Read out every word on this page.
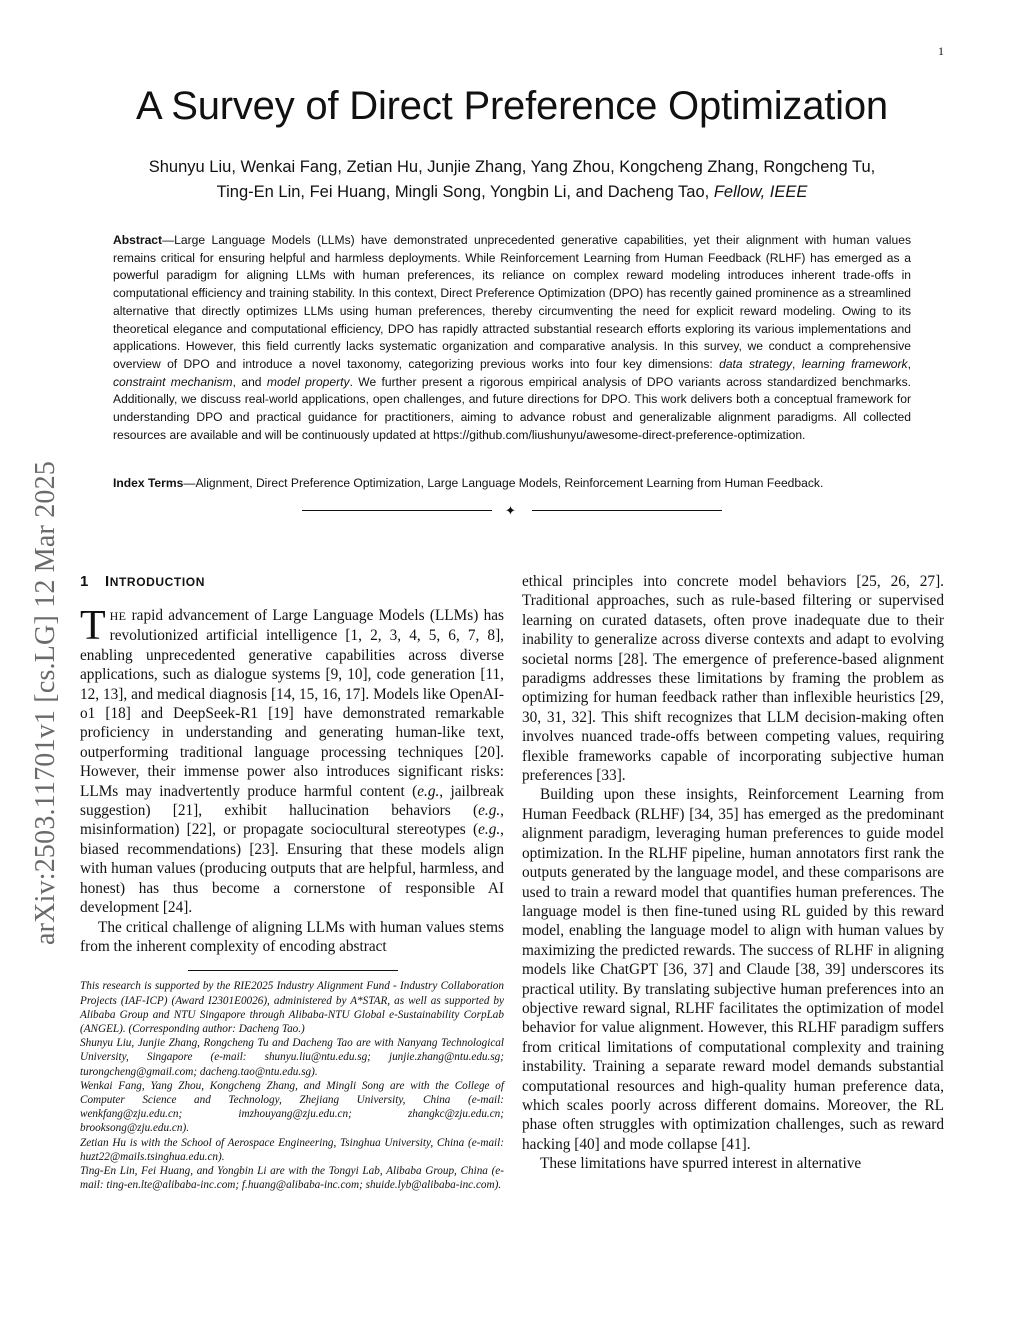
1
arXiv:2503.11701v1 [cs.LG] 12 Mar 2025
A Survey of Direct Preference Optimization
Shunyu Liu, Wenkai Fang, Zetian Hu, Junjie Zhang, Yang Zhou, Kongcheng Zhang, Rongcheng Tu,
Ting-En Lin, Fei Huang, Mingli Song, Yongbin Li, and Dacheng Tao, Fellow, IEEE
Abstract—Large Language Models (LLMs) have demonstrated unprecedented generative capabilities, yet their alignment with human values remains critical for ensuring helpful and harmless deployments. While Reinforcement Learning from Human Feedback (RLHF) has emerged as a powerful paradigm for aligning LLMs with human preferences, its reliance on complex reward modeling introduces inherent trade-offs in computational efficiency and training stability. In this context, Direct Preference Optimization (DPO) has recently gained prominence as a streamlined alternative that directly optimizes LLMs using human preferences, thereby circumventing the need for explicit reward modeling. Owing to its theoretical elegance and computational efficiency, DPO has rapidly attracted substantial research efforts exploring its various implementations and applications. However, this field currently lacks systematic organization and comparative analysis. In this survey, we conduct a comprehensive overview of DPO and introduce a novel taxonomy, categorizing previous works into four key dimensions: data strategy, learning framework, constraint mechanism, and model property. We further present a rigorous empirical analysis of DPO variants across standardized benchmarks. Additionally, we discuss real-world applications, open challenges, and future directions for DPO. This work delivers both a conceptual framework for understanding DPO and practical guidance for practitioners, aiming to advance robust and generalizable alignment paradigms. All collected resources are available and will be continuously updated at https://github.com/liushunyu/awesome-direct-preference-optimization.
Index Terms—Alignment, Direct Preference Optimization, Large Language Models, Reinforcement Learning from Human Feedback.
✦
1 INTRODUCTION

THE rapid advancement of Large Language Models (LLMs) has revolutionized artificial intelligence [1, 2, 3, 4, 5, 6, 7, 8], enabling unprecedented generative capabilities across diverse applications, such as dialogue systems [9, 10], code generation [11, 12, 13], and medical diagnosis [14, 15, 16, 17]. Models like OpenAI-o1 [18] and DeepSeek-R1 [19] have demonstrated remarkable proficiency in understanding and generating human-like text, outperforming traditional language processing techniques [20]. However, their immense power also introduces significant risks: LLMs may inadvertently produce harmful content (e.g., jailbreak suggestion) [21], exhibit hallucination behaviors (e.g., misinformation) [22], or propagate sociocultural stereotypes (e.g., biased recommendations) [23]. Ensuring that these models align with human values (producing outputs that are helpful, harmless, and honest) has thus become a cornerstone of responsible AI development [24].

The critical challenge of aligning LLMs with human values stems from the inherent complexity of encoding abstract

This research is supported by the RIE2025 Industry Alignment Fund - Industry Collaboration Projects (IAF-ICP) (Award I2301E0026), administered by A*STAR, as well as supported by Alibaba Group and NTU Singapore through Alibaba-NTU Global e-Sustainability CorpLab (ANGEL). (Corresponding author: Dacheng Tao.)

Shunyu Liu, Junjie Zhang, Rongcheng Tu and Dacheng Tao are with Nanyang Technological University, Singapore (e-mail: shunyu.liu@ntu.edu.sg; junjie.zhang@ntu.edu.sg; turongcheng@gmail.com; dacheng.tao@ntu.edu.sg).

Wenkai Fang, Yang Zhou, Kongcheng Zhang, and Mingli Song are with the College of Computer Science and Technology, Zhejiang University, China (e-mail: wenkfang@zju.edu.cn; imzhouyang@zju.edu.cn; zhangkc@zju.edu.cn; brooksong@zju.edu.cn).

Zetian Hu is with the School of Aerospace Engineering, Tsinghua University, China (e-mail: huzt22@mails.tsinghua.edu.cn).

Ting-En Lin, Fei Huang, and Yongbin Li are with the Tongyi Lab, Alibaba Group, China (e-mail: ting-en.lte@alibaba-inc.com; f.huang@alibaba-inc.com; shuide.lyb@alibaba-inc.com).

ethical principles into concrete model behaviors [25, 26, 27]. Traditional approaches, such as rule-based filtering or supervised learning on curated datasets, often prove inadequate due to their inability to generalize across diverse contexts and adapt to evolving societal norms [28]. The emergence of preference-based alignment paradigms addresses these limitations by framing the problem as optimizing for human feedback rather than inflexible heuristics [29, 30, 31, 32]. This shift recognizes that LLM decision-making often involves nuanced trade-offs between competing values, requiring flexible frameworks capable of incorporating subjective human preferences [33].

Building upon these insights, Reinforcement Learning from Human Feedback (RLHF) [34, 35] has emerged as the predominant alignment paradigm, leveraging human preferences to guide model optimization. In the RLHF pipeline, human annotators first rank the outputs generated by the language model, and these comparisons are used to train a reward model that quantifies human preferences. The language model is then fine-tuned using RL guided by this reward model, enabling the language model to align with human values by maximizing the predicted rewards. The success of RLHF in aligning models like ChatGPT [36, 37] and Claude [38, 39] underscores its practical utility. By translating subjective human preferences into an objective reward signal, RLHF facilitates the optimization of model behavior for value alignment. However, this RLHF paradigm suffers from critical limitations of computational complexity and training instability. Training a separate reward model demands substantial computational resources and high-quality human preference data, which scales poorly across different domains. Moreover, the RL phase often struggles with optimization challenges, such as reward hacking [40] and mode collapse [41].

These limitations have spurred interest in alternative
